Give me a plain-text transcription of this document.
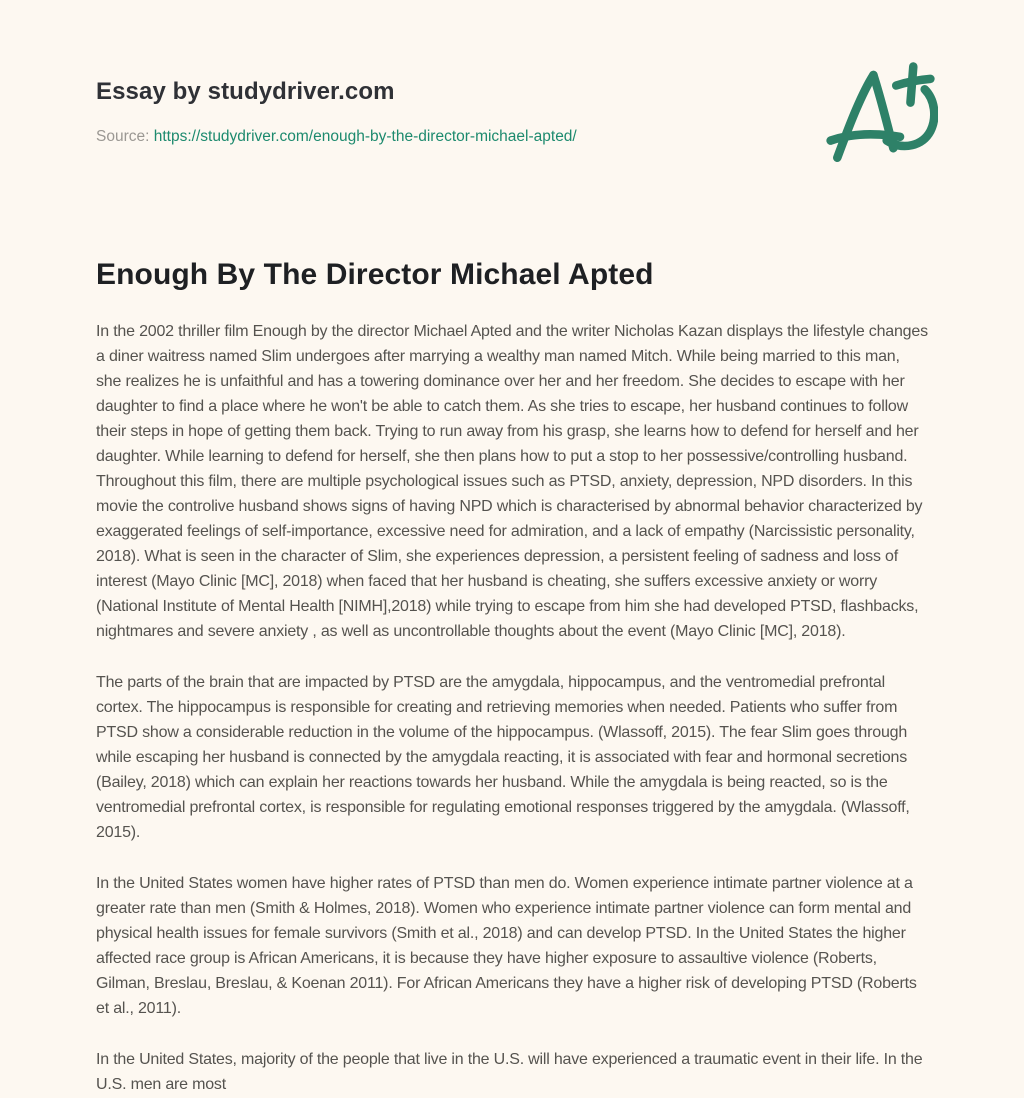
Essay by studydriver.com
Source: https://studydriver.com/enough-by-the-director-michael-apted/
Enough By The Director Michael Apted

In the 2002 thriller film Enough by the director Michael Apted and the writer Nicholas Kazan displays the lifestyle changes a diner waitress named Slim undergoes after marrying a wealthy man named Mitch. While being married to this man, she realizes he is unfaithful and has a towering dominance over her and her freedom. She decides to escape with her daughter to find a place where he won't be able to catch them. As she tries to escape, her husband continues to follow their steps in hope of getting them back. Trying to run away from his grasp, she learns how to defend for herself and her daughter. While learning to defend for herself, she then plans how to put a stop to her possessive/controlling husband. Throughout this film, there are multiple psychological issues such as PTSD, anxiety, depression, NPD disorders. In this movie the controlive husband shows signs of having NPD which is characterised by abnormal behavior characterized by exaggerated feelings of self-importance, excessive need for admiration, and a lack of empathy (Narcissistic personality, 2018). What is seen in the character of Slim, she experiences depression, a persistent feeling of sadness and loss of interest (Mayo Clinic [MC], 2018) when faced that her husband is cheating, she suffers excessive anxiety or worry (National Institute of Mental Health [NIMH],2018) while trying to escape from him she had developed PTSD, flashbacks, nightmares and severe anxiety , as well as uncontrollable thoughts about the event (Mayo Clinic [MC], 2018).

The parts of the brain that are impacted by PTSD are the amygdala, hippocampus, and the ventromedial prefrontal cortex. The hippocampus is responsible for creating and retrieving memories when needed. Patients who suffer from PTSD show a considerable reduction in the volume of the hippocampus. (Wlassoff, 2015). The fear Slim goes through while escaping her husband is connected by the amygdala reacting, it is associated with fear and hormonal secretions (Bailey, 2018) which can explain her reactions towards her husband. While the amygdala is being reacted, so is the ventromedial prefrontal cortex, is responsible for regulating emotional responses triggered by the amygdala. (Wlassoff, 2015).

In the United States women have higher rates of PTSD than men do. Women experience intimate partner violence at a greater rate than men (Smith & Holmes, 2018). Women who experience intimate partner violence can form mental and physical health issues for female survivors (Smith et al., 2018) and can develop PTSD. In the United States the higher affected race group is African Americans, it is because they have higher exposure to assaultive violence (Roberts, Gilman, Breslau, Breslau, & Koenan 2011). For African Americans they have a higher risk of developing PTSD (Roberts et al., 2011).

In the United States, majority of the people that live in the U.S. will have experienced a traumatic event in their life. In the U.S. men are most
